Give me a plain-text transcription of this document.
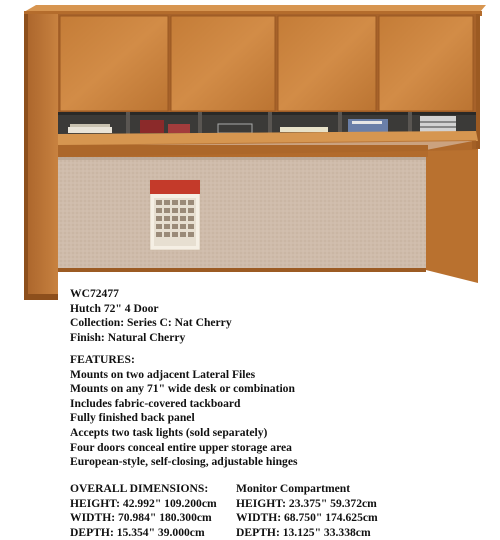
WC72477
Hutch 72" 4 Door
Collection: Series C: Nat Cherry
Finish: Natural Cherry
FEATURES:
Mounts on two adjacent Lateral Files
Mounts on any 71" wide desk or combination
Includes fabric-covered tackboard
Fully finished back panel
Accepts two task lights (sold separately)
Four doors conceal entire upper storage area
European-style, self-closing, adjustable hinges
OVERALL DIMENSIONS:
HEIGHT: 42.992" 109.200cm
WIDTH: 70.984" 180.300cm
DEPTH: 15.354" 39.000cm
Monitor Compartment
HEIGHT: 23.375" 59.372cm
WIDTH: 68.750" 174.625cm
DEPTH: 13.125" 33.338cm
